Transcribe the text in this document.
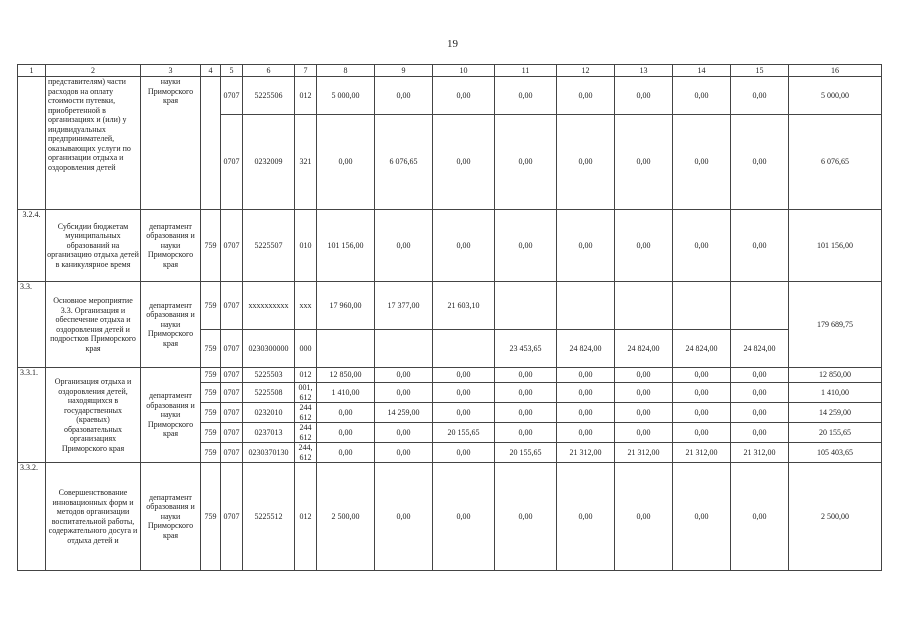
19
1	2	3	4	5	6	7	8	9	10	11	12	13	14	15	16
	представителям) части расходов на оплату стоимости путевки, приобретенной в организациях и (или) у индивидуальных предпринимателей, оказывающих услуги по организации отдыха и оздоровления детей	науки Приморского края		0707	5225506	012	5 000,00	0,00	0,00	0,00	0,00	0,00	0,00	0,00	5 000,00
				0707	0232009	321	0,00	6 076,65	0,00	0,00	0,00	0,00	0,00	0,00	6 076,65
3.2.4.	Субсидии бюджетам муниципальных образований на организацию отдыха детей в каникулярное время	департамент образования и науки Приморского края	759	0707	5225507	010	101 156,00	0,00	0,00	0,00	0,00	0,00	0,00	0,00	101 156,00
3.3.	Основное мероприятие 3.3. Организация и обеспечение отдыха и оздоровления детей и подростков Приморского края	департамент образования и науки Приморского края	759	0707	xxxxxxxxxx	xxx	17 960,00	17 377,00	21 603,10						179 689,75
			759	0707	0230300000	000				23 453,65	24 824,00	24 824,00	24 824,00	24 824,00	
3.3.1.	Организация отдыха и оздоровления детей, находящихся в государственных (краевых) образовательных организациях Приморского края	департамент образования и науки Приморского края	759	0707	5225503	012	12 850,00	0,00	0,00	0,00	0,00	0,00	0,00	0,00	12 850,00
			759	0707	5225508	001, 612	1 410,00	0,00	0,00	0,00	0,00	0,00	0,00	0,00	1 410,00
			759	0707	0232010	244 612	0,00	14 259,00	0,00	0,00	0,00	0,00	0,00	0,00	14 259,00
			759	0707	0237013	244 612	0,00	0,00	20 155,65	0,00	0,00	0,00	0,00	0,00	20 155,65
			759	0707	0230370130	244, 612	0,00	0,00	0,00	20 155,65	21 312,00	21 312,00	21 312,00	21 312,00	105 403,65
3.3.2.	Совершенствование инновационных форм и методов организации воспитательной работы, содержательного досуга и отдыха детей и	департамент образования и науки Приморского края	759	0707	5225512	012	2 500,00	0,00	0,00	0,00	0,00	0,00	0,00	0,00	2 500,00
